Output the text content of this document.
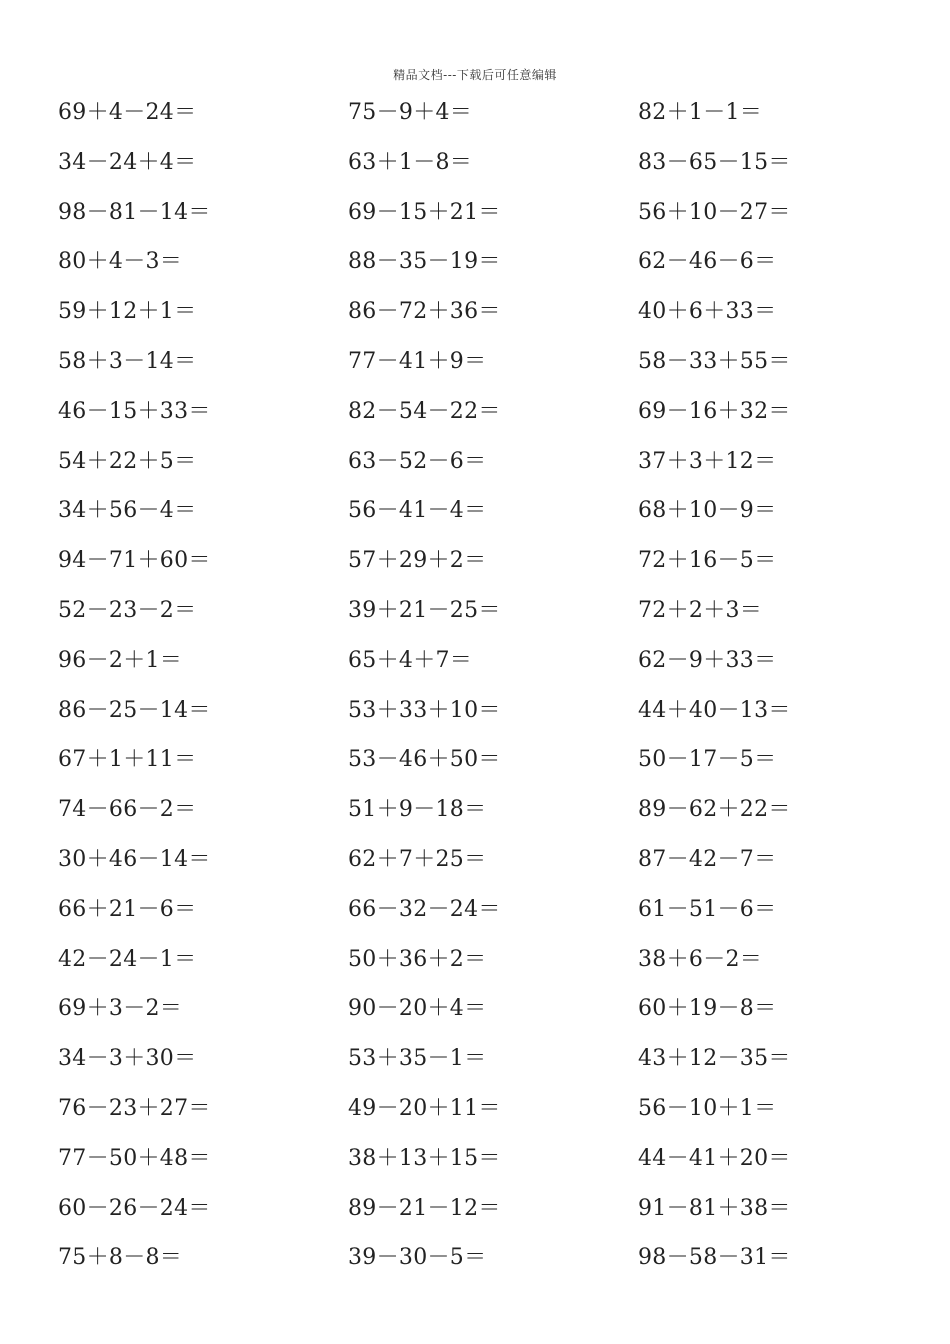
精品文档---下载后可任意编辑
69＋4－24＝	75－9＋4＝	82＋1－1＝
34－24＋4＝	63＋1－8＝	83－65－15＝
98－81－14＝	69－15＋21＝	56＋10－27＝
80＋4－3＝	88－35－19＝	62－46－6＝
59＋12＋1＝	86－72＋36＝	40＋6＋33＝
58＋3－14＝	77－41＋9＝	58－33＋55＝
46－15＋33＝	82－54－22＝	69－16＋32＝
54＋22＋5＝	63－52－6＝	37＋3＋12＝
34＋56－4＝	56－41－4＝	68＋10－9＝
94－71＋60＝	57＋29＋2＝	72＋16－5＝
52－23－2＝	39＋21－25＝	72＋2＋3＝
96－2＋1＝	65＋4＋7＝	62－9＋33＝
86－25－14＝	53＋33＋10＝	44＋40－13＝
67＋1＋11＝	53－46＋50＝	50－17－5＝
74－66－2＝	51＋9－18＝	89－62＋22＝
30＋46－14＝	62＋7＋25＝	87－42－7＝
66＋21－6＝	66－32－24＝	61－51－6＝
42－24－1＝	50＋36＋2＝	38＋6－2＝
69＋3－2＝	90－20＋4＝	60＋19－8＝
34－3＋30＝	53＋35－1＝	43＋12－35＝
76－23＋27＝	49－20＋11＝	56－10＋1＝
77－50＋48＝	38＋13＋15＝	44－41＋20＝
60－26－24＝	89－21－12＝	91－81＋38＝
75＋8－8＝	39－30－5＝	98－58－31＝
